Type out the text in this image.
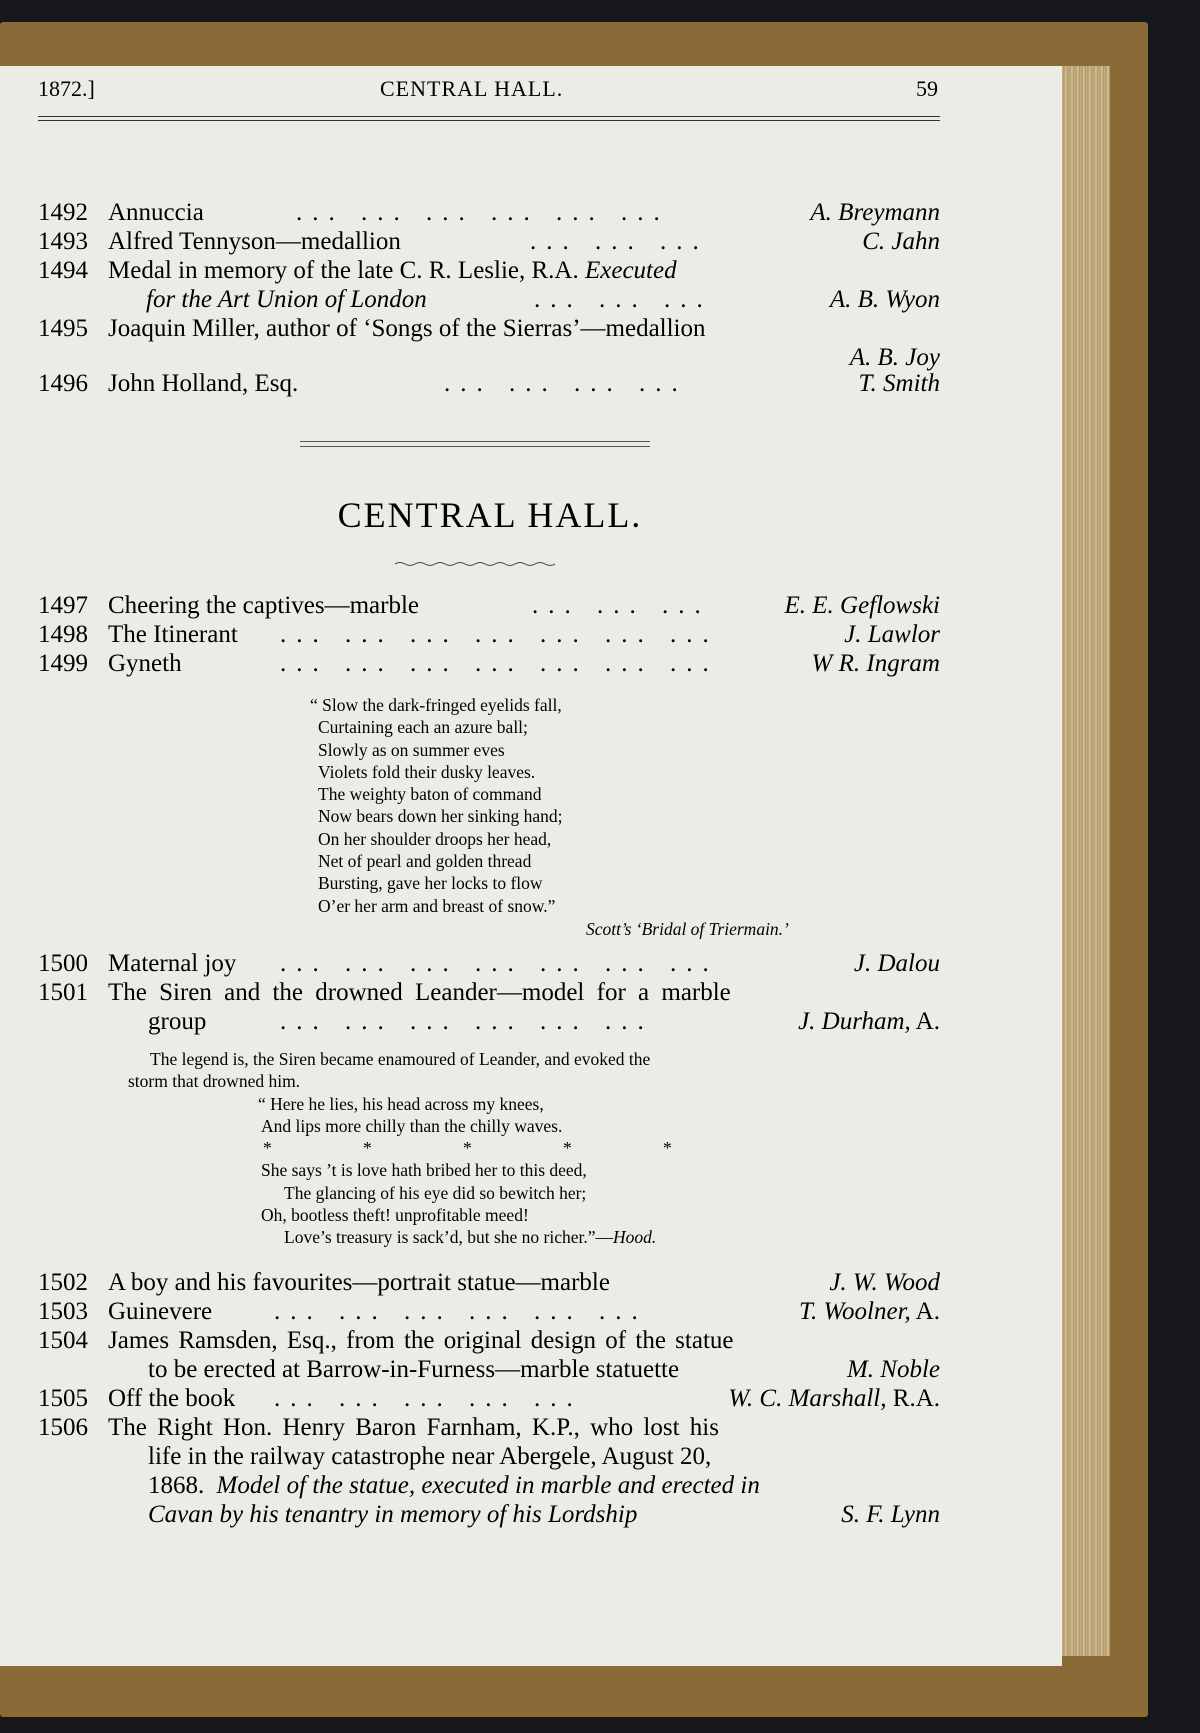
1872.]	CENTRAL HALL.	59
1492 Annuccia	... ... ... ... ... ...	A. Breymann
1493 Alfred Tennyson—medallion	... ... ...	C. Jahn
1494 Medal in memory of the late C. R. Leslie, R.A. Executed
for the Art Union of London	... ... ...	A. B. Wyon
1495 Joaquin Miller, author of ‘Songs of the Sierras’—medallion
A. B. Joy
1496 John Holland, Esq.	... ... ... ...	T. Smith
CENTRAL HALL.
1497 Cheering the captives—marble	... ... ...	E. E. Geflowski
1498 The Itinerant ... ... ... ... ... ... ...	J. Lawlor
1499 Gyneth	... ... ... ... ... ... ...	W R. Ingram
“ Slow the dark-fringed eyelids fall,
Curtaining each an azure ball;
Slowly as on summer eves
Violets fold their dusky leaves.
The weighty baton of command
Now bears down her sinking hand;
On her shoulder droops her head,
Net of pearl and golden thread
Bursting, gave her locks to flow
O’er her arm and breast of snow.”
Scott’s ‘Bridal of Triermain.’
1500 Maternal joy ... ... ... ... ... ... ...	J. Dalou
1501 The Siren and the drowned Leander—model for a marble
group	... ... ... ... ... ...	J. Durham, A.
The legend is, the Siren became enamoured of Leander, and evoked the
storm that drowned him.
“ Here he lies, his head across my knees,
And lips more chilly than the chilly waves.
*	*	*	*	*
She says ’t is love hath bribed her to this deed,
The glancing of his eye did so bewitch her;
Oh, bootless theft! unprofitable meed!
Love’s treasury is sack’d, but she no richer.”—Hood.
1502 A boy and his favourites—portrait statue—marble	J. W. Wood
1503 Guinevere ... ... ... ... ... ...	T. Woolner, A.
1504 James Ramsden, Esq., from the original design of the statue
to be erected at Barrow-in-Furness—marble statuette	M. Noble
1505 Off the book ... ... ... ... ...	W. C. Marshall, R.A.
1506 The Right Hon. Henry Baron Farnham, K.P., who lost his
life in the railway catastrophe near Abergele, August 20,
1868. Model of the statue, executed in marble and erected in
Cavan by his tenantry in memory of his Lordship	S. F. Lynn
